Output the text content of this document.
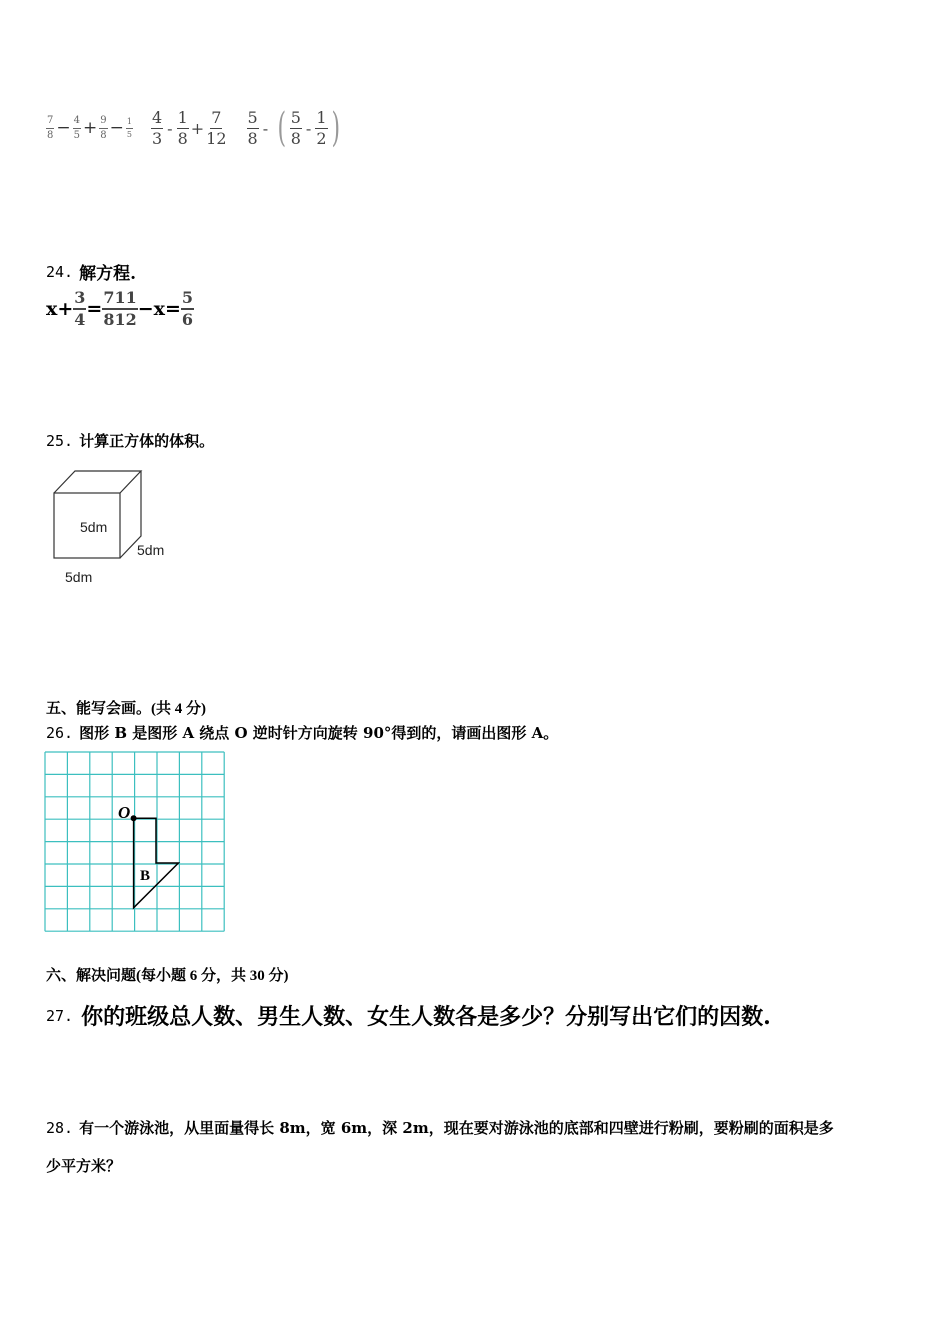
$\frac{7}{8} - \frac{4}{5} + \frac{9}{8} - \frac{1}{5} \frac{4}{3} - \frac{1}{8} + \frac{7}{12} \frac{5}{8}$ - ( $\frac{5}{8} - \frac{1}{2}$ )
24. 解方程.
$x + \frac{3}{4} = \frac{711}{812} - x = \frac{5}{6}$
25. 计算正方体的体积。
5dm
5dm
5dm
五、能写会画。(共 4 分)
26. 图形 B 是图形 A 绕点 O 逆时针方向旋转 90°得到的，请画出图形 A。
O
B
六、解决问题(每小题 6 分，共 30 分)
27. 你的班级总人数、男生人数、女生人数各是多少？分别写出它们的因数.
28. 有一个游泳池，从里面量得长 8m，宽 6m，深 2m，现在要对游泳池的底部和四壁进行粉刷，要粉刷的面积是多
少平方米？
